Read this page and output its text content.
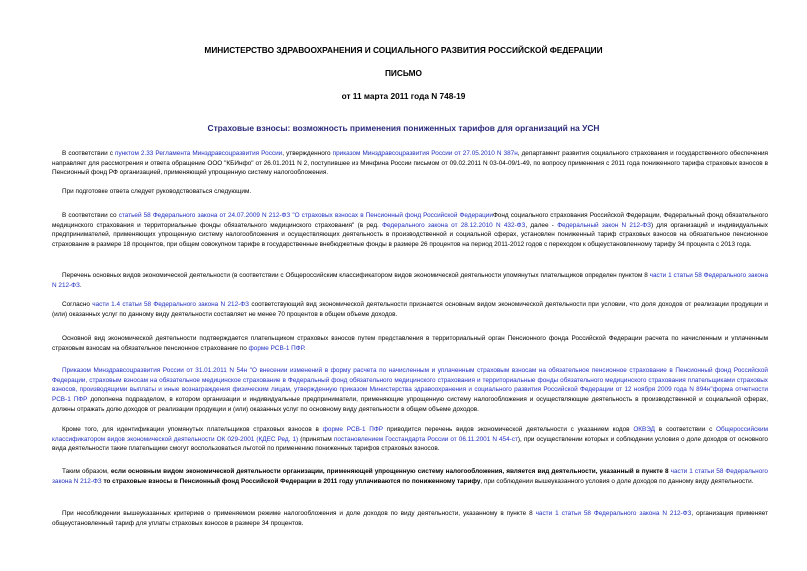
МИНИСТЕРСТВО ЗДРАВООХРАНЕНИЯ И СОЦИАЛЬНОГО РАЗВИТИЯ РОССИЙСКОЙ ФЕДЕРАЦИИ
ПИСЬМО
от 11 марта 2011 года N 748-19
Страховые взносы: возможность применения пониженных тарифов для организаций на УСН
В соответствии с пунктом 2.33 Регламента Минздравсоцразвития России, утвержденного приказом Минздравсоцразвития России от 27.05.2010 N 387н, департамент развития социального страхования и государственного обеспечения направляет для рассмотрения и ответа обращение ООО "КБИнфо" от 26.01.2011 N 2, поступившее из Минфина России письмом от 09.02.2011 N 03-04-09/1-49, по вопросу применения с 2011 года пониженного тарифа страховых взносов в Пенсионный фонд РФ организацией, применяющей упрощенную систему налогообложения.
При подготовке ответа следует руководствоваться следующим.
В соответствии со статьей 58 Федерального закона от 24.07.2009 N 212-ФЗ "О страховых взносах в Пенсионный фонд Российской ФедерацииФонд социального страхования Российской Федерации, Федеральный фонд обязательного медицинского страхования и территориальные фонды обязательного медицинского страхования" (в ред. Федерального закона от 28.12.2010 N 432-ФЗ, далее - Федеральный закон N 212-ФЗ) для организаций и индивидуальных предпринимателей, применяющих упрощенную систему налогообложения и осуществляющих деятельность в производственной и социальной сферах, установлен пониженный тариф страховых взносов на обязательное пенсионное страхование в размере 18 процентов, при общем совокупном тарифе в государственные внебюджетные фонды в размере 26 процентов на период 2011-2012 годов с переходом к общеустановленному тарифу 34 процента с 2013 года.
Перечень основных видов экономической деятельности (в соответствии с Общероссийским классификатором видов экономической деятельности упомянутых плательщиков определен пунктом 8 части 1 статьи 58 Федерального закона N 212-ФЗ.
Согласно части 1.4 статьи 58 Федерального закона N 212-ФЗ соответствующий вид экономической деятельности признается основным видом экономической деятельности при условии, что доля доходов от реализации продукции и (или) оказанных услуг по данному виду деятельности составляет не менее 70 процентов в общем объеме доходов.
Основной вид экономической деятельности подтверждается плательщиком страховых взносов путем представления в территориальный орган Пенсионного фонда Российской Федерации расчета по начисленным и уплаченным страховым взносам на обязательное пенсионное страхование по форме РСВ-1 ПФР.
Приказом Минздравсоцразвития России от 31.01.2011 N 54н "О внесении изменений в форму расчета по начисленным и уплаченным страховым взносам на обязательное пенсионное страхование в Пенсионный фонд Российской Федерации, страховым взносам на обязательное медицинское страхование в Федеральный фонд обязательного медицинского страхования и территориальные фонды обязательного медицинского страхования плательщиками страховых взносов, производящими выплаты и иные вознаграждения физическим лицам, утвержденную приказом Министерства здравоохранения и социального развития Российской Федерации от 12 ноября 2009 года N 894н"форма отчетности РСВ-1 ПФР дополнена подразделом, в котором организации и индивидуальные предприниматели, применяющие упрощенную систему налогообложения и осуществляющие деятельность в производственной и социальной сферах, должны отражать долю доходов от реализации продукции и (или) оказанных услуг по основному виду деятельности в общем объеме доходов.
Кроме того, для идентификации упомянутых плательщиков страховых взносов в форме РСВ-1 ПФР приводится перечень видов экономической деятельности с указанием кодов ОКВЭД в соответствии с Общероссийским классификатором видов экономической деятельности ОК 029-2001 (КДЕС Ред. 1) (принятым постановлением Госстандарта России от 06.11.2001 N 454-ст), при осуществлении которых и соблюдении условия о доле доходов от основного вида деятельности такие плательщики смогут воспользоваться льготой по применению пониженных тарифов страховых взносов.
Таким образом, если основным видом экономической деятельности организации, применяющей упрощенную систему налогообложения, является вид деятельности, указанный в пункте 8 части 1 статьи 58 Федерального закона N 212-ФЗ то страховые взносы в Пенсионный фонд Российской Федерации в 2011 году уплачиваются по пониженному тарифу, при соблюдении вышеуказанного условия о доле доходов по данному виду деятельности.
При несоблюдении вышеуказанных критериев о применяемом режиме налогообложения и доле доходов по виду деятельности, указанному в пункте 8 части 1 статьи 58 Федерального закона N 212-ФЗ, организация применяет общеустановленный тариф для уплаты страховых взносов в размере 34 процентов.
